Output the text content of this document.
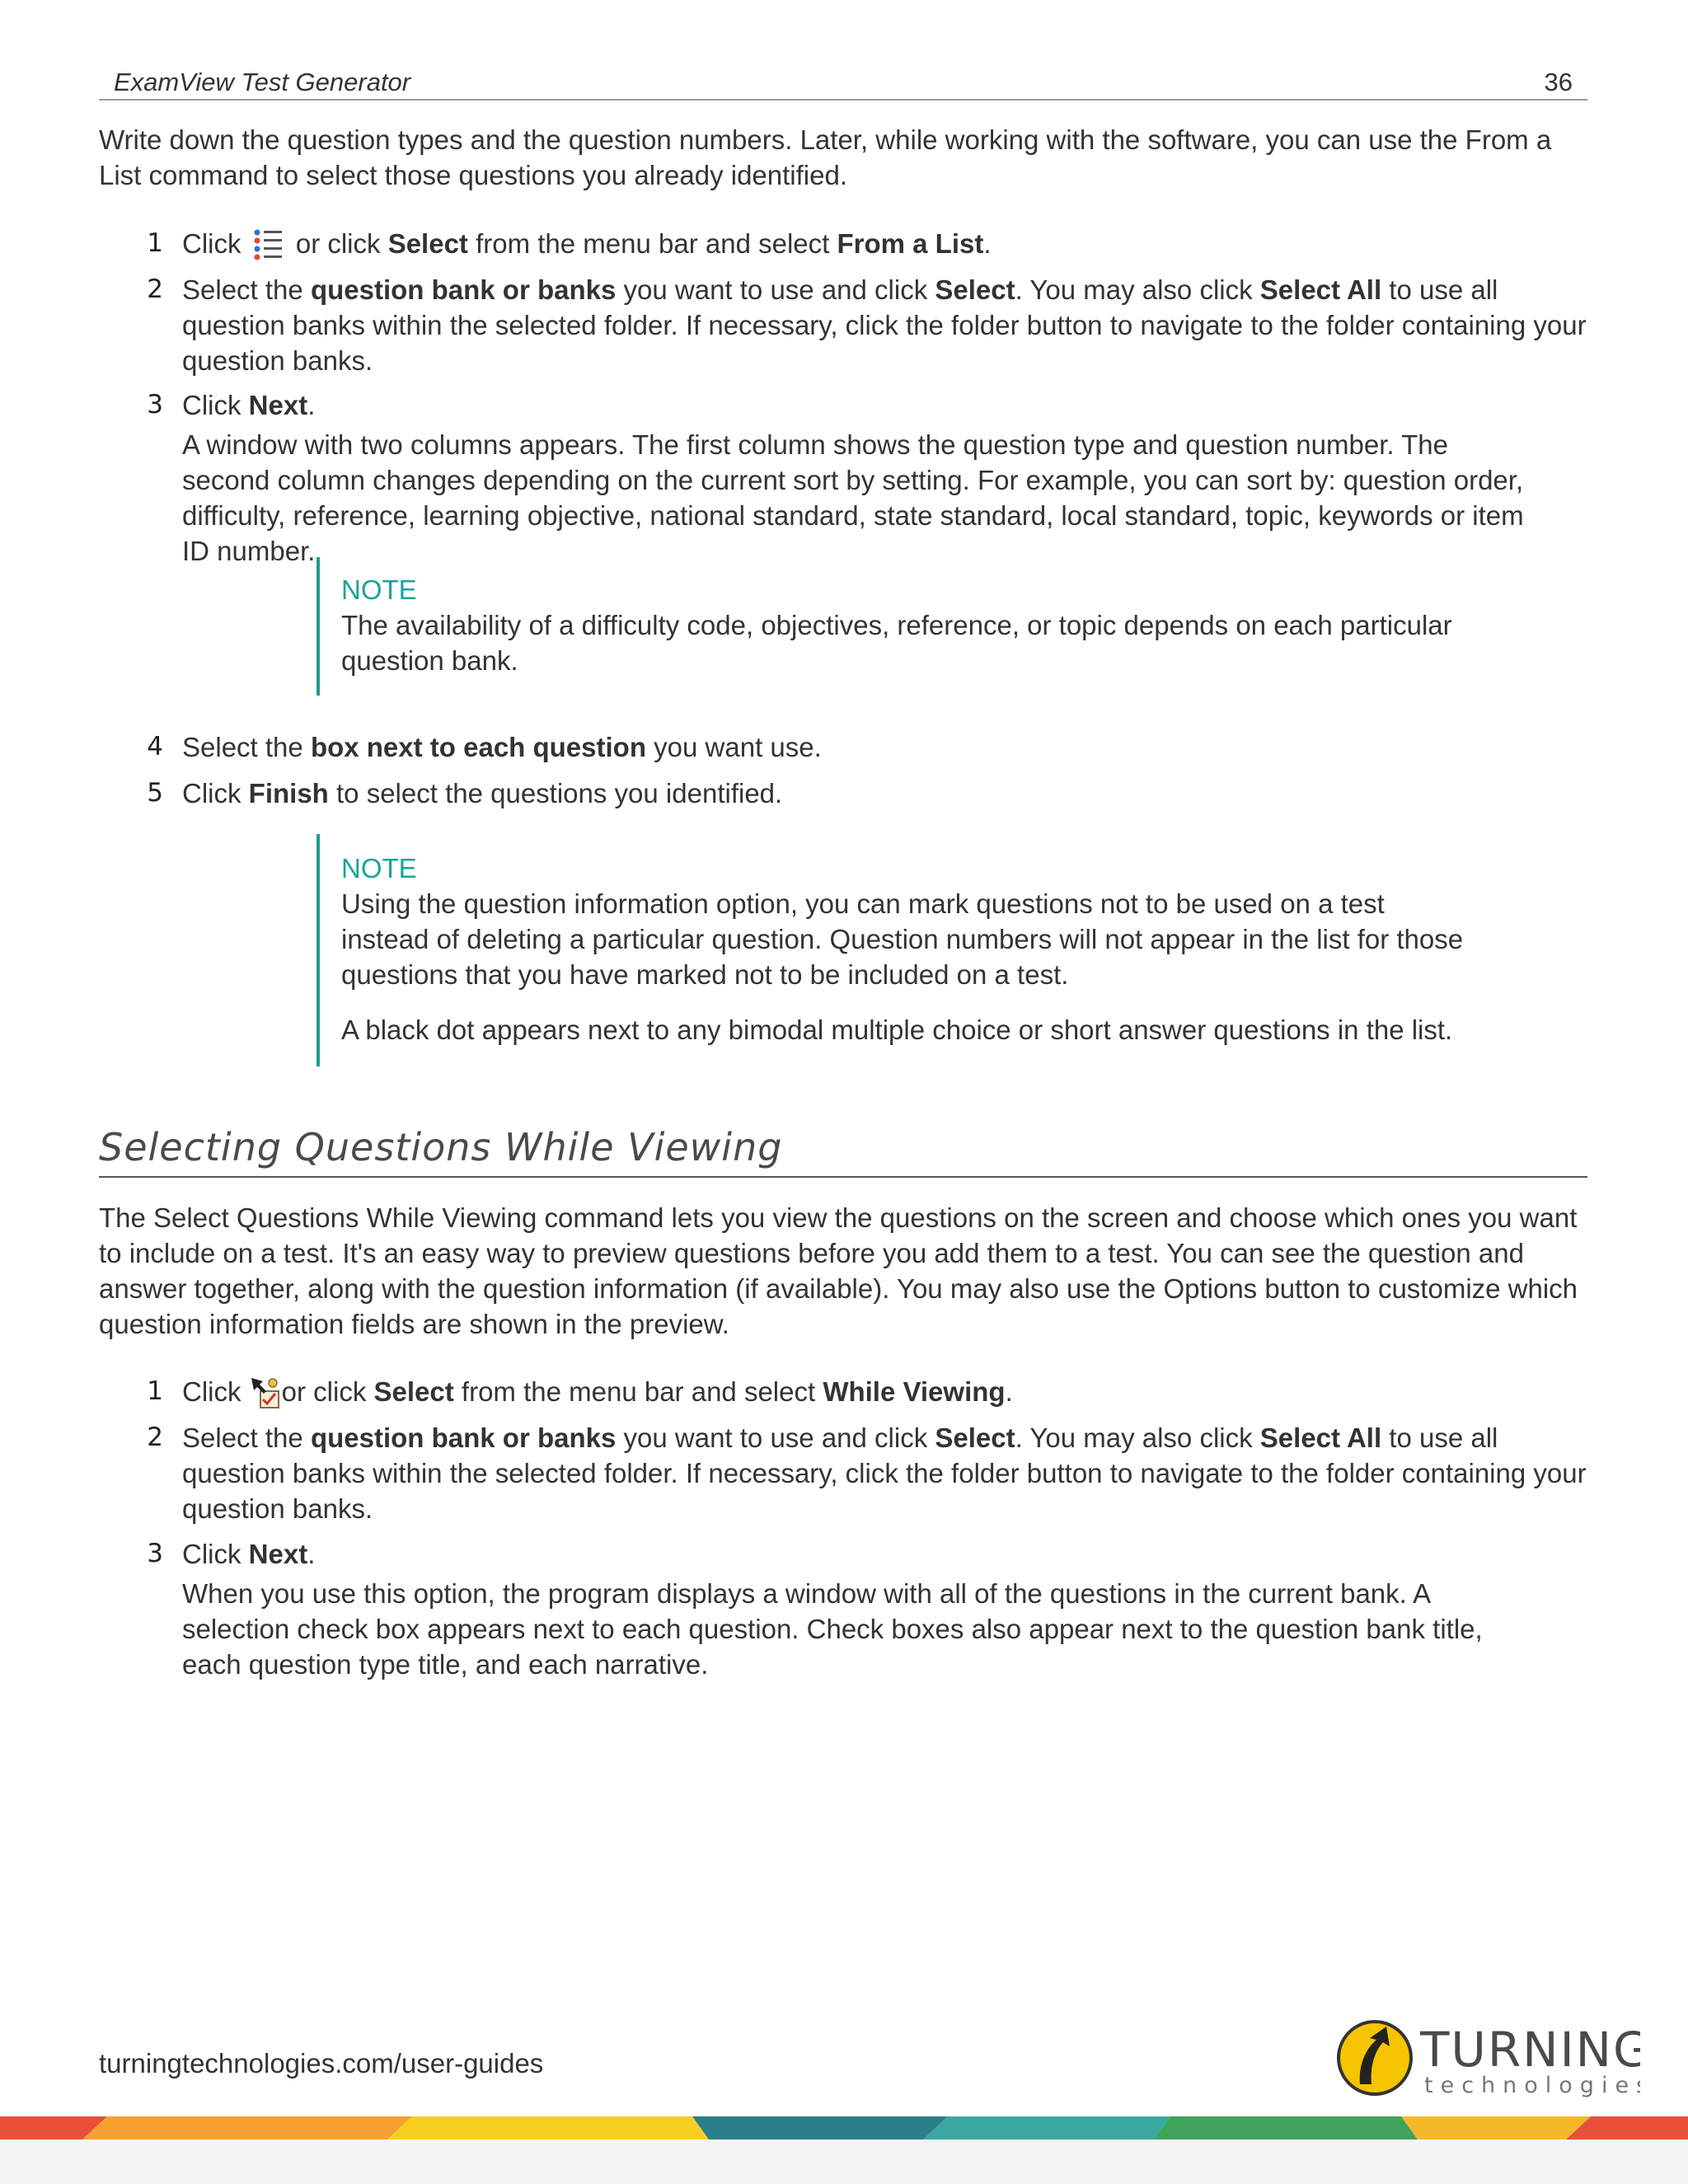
ExamView Test Generator	36

Write down the question types and the question numbers. Later, while working with the software, you can use the From a List command to select those questions you already identified.

1 Click  or click Select from the menu bar and select From a List.
2 Select the question bank or banks you want to use and click Select. You may also click Select All to use all question banks within the selected folder. If necessary, click the folder button to navigate to the folder containing your question banks.
3 Click Next.
A window with two columns appears. The first column shows the question type and question number. The second column changes depending on the current sort by setting. For example, you can sort by: question order, difficulty, reference, learning objective, national standard, state standard, local standard, topic, keywords or item ID number.
NOTE
The availability of a difficulty code, objectives, reference, or topic depends on each particular question bank.
4 Select the box next to each question you want use.
5 Click Finish to select the questions you identified.
NOTE
Using the question information option, you can mark questions not to be used on a test instead of deleting a particular question. Question numbers will not appear in the list for those questions that you have marked not to be included on a test.
A black dot appears next to any bimodal multiple choice or short answer questions in the list.
Selecting Questions While Viewing

The Select Questions While Viewing command lets you view the questions on the screen and choose which ones you want to include on a test. It's an easy way to preview questions before you add them to a test. You can see the question and answer together, along with the question information (if available). You may also use the Options button to customize which question information fields are shown in the preview.

1 Click or click Select from the menu bar and select While Viewing.
2 Select the question bank or banks you want to use and click Select. You may also click Select All to use all question banks within the selected folder. If necessary, click the folder button to navigate to the folder containing your question banks.
3 Click Next.
When you use this option, the program displays a window with all of the questions in the current bank. A selection check box appears next to each question. Check boxes also appear next to the question bank title, each question type title, and each narrative.
turningtechnologies.com/user-guides	TURNING
technologies
